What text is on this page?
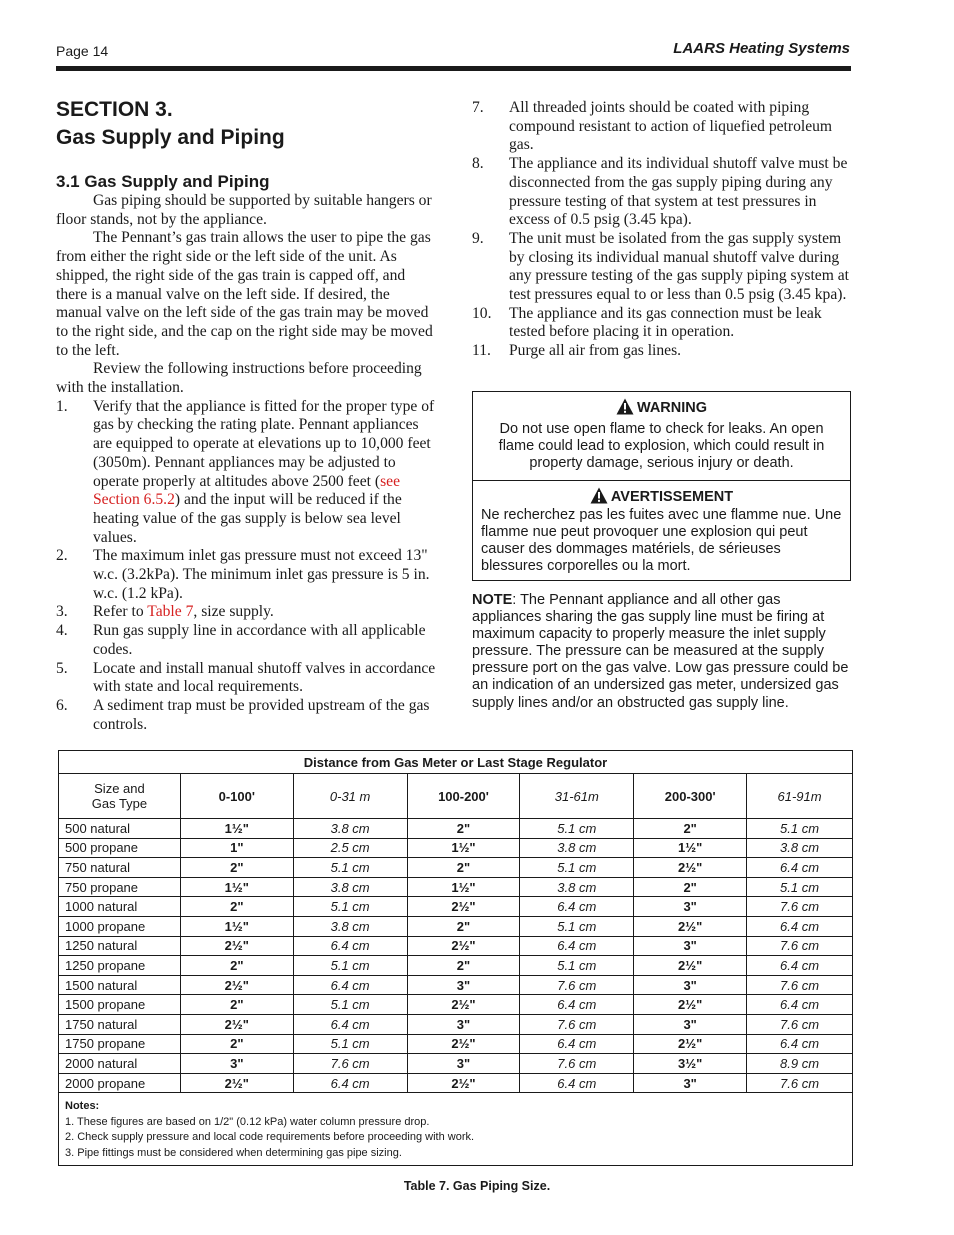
Page 14	LAARS Heating Systems
SECTION 3.
Gas Supply and Piping
3.1 Gas Supply and Piping

Gas piping should be supported by suitable hangers or floor stands, not by the appliance.

The Pennant’s gas train allows the user to pipe the gas from either the right side or the left side of the unit. As shipped, the right side of the gas train is capped off, and there is a manual valve on the left side. If desired, the manual valve on the left side of the gas train may be moved to the right side, and the cap on the right side may be moved to the left.

Review the following instructions before proceeding with the installation.

1.	Verify that the appliance is fitted for the proper type of gas by checking the rating plate. Pennant appliances are equipped to operate at elevations up to 10,000 feet (3050m). Pennant appliances may be adjusted to operate properly at altitudes above 2500 feet (see Section 6.5.2) and the input will be reduced if the heating value of the gas supply is below sea level values.
2.	The maximum inlet gas pressure must not exceed 13" w.c. (3.2kPa). The minimum inlet gas pressure is 5 in. w.c. (1.2 kPa).
3.	Refer to Table 7, size supply.
4.	Run gas supply line in accordance with all applicable codes.
5.	Locate and install manual shutoff valves in accordance with state and local requirements.
6.	A sediment trap must be provided upstream of the gas controls.
7.	All threaded joints should be coated with piping compound resistant to action of liquefied petroleum gas.
8.	The appliance and its individual shutoff valve must be disconnected from the gas supply piping during any pressure testing of that system at test pressures in excess of 0.5 psig (3.45 kpa).
9.	The unit must be isolated from the gas supply system by closing its individual manual shutoff valve during any pressure testing of the gas supply piping system at test pressures equal to or less than 0.5 psig (3.45 kpa).
10.	The appliance and its gas connection must be leak tested before placing it in operation.
11.	Purge all air from gas lines.
WARNING
Do not use open flame to check for leaks. An open flame could lead to explosion, which could result in property damage, serious injury or death.
AVERTISSEMENT
Ne recherchez pas les fuites avec une flamme nue. Une flamme nue peut provoquer une explosion qui peut causer des dommages matériels, de sérieuses blessures corporelles ou la mort.
NOTE: The Pennant appliance and all other gas appliances sharing the gas supply line must be firing at maximum capacity to properly measure the inlet supply pressure. The pressure can be measured at the supply pressure port on the gas valve. Low gas pressure could be an indication of an undersized gas meter, undersized gas supply lines and/or an obstructed gas supply line.
Distance from Gas Meter or Last Stage Regulator						
Size and
Gas Type	0-100'	0-31 m	100-200'	31-61m	200-300'	61-91m
500 natural	1½"	3.8 cm	2"	5.1 cm	2"	5.1 cm
500 propane	1"	2.5 cm	1½"	3.8 cm	1½"	3.8 cm
750 natural	2"	5.1 cm	2"	5.1 cm	2½"	6.4 cm
750 propane	1½"	3.8 cm	1½"	3.8 cm	2"	5.1 cm
1000 natural	2"	5.1 cm	2½"	6.4 cm	3"	7.6 cm
1000 propane	1½"	3.8 cm	2"	5.1 cm	2½"	6.4 cm
1250 natural	2½"	6.4 cm	2½"	6.4 cm	3"	7.6 cm
1250 propane	2"	5.1 cm	2"	5.1 cm	2½"	6.4 cm
1500 natural	2½"	6.4 cm	3"	7.6 cm	3"	7.6 cm
1500 propane	2"	5.1 cm	2½"	6.4 cm	2½"	6.4 cm
1750 natural	2½"	6.4 cm	3"	7.6 cm	3"	7.6 cm
1750 propane	2"	5.1 cm	2½"	6.4 cm	2½"	6.4 cm
2000 natural	3"	7.6 cm	3"	7.6 cm	3½"	8.9 cm
2000 propane	2½"	6.4 cm	2½"	6.4 cm	3"	7.6 cm
Notes:
1. These figures are based on 1/2" (0.12 kPa) water column pressure drop.
2. Check supply pressure and local code requirements before proceeding with work.
3. Pipe fittings must be considered when determining gas pipe sizing.						
Table 7. Gas Piping Size.
